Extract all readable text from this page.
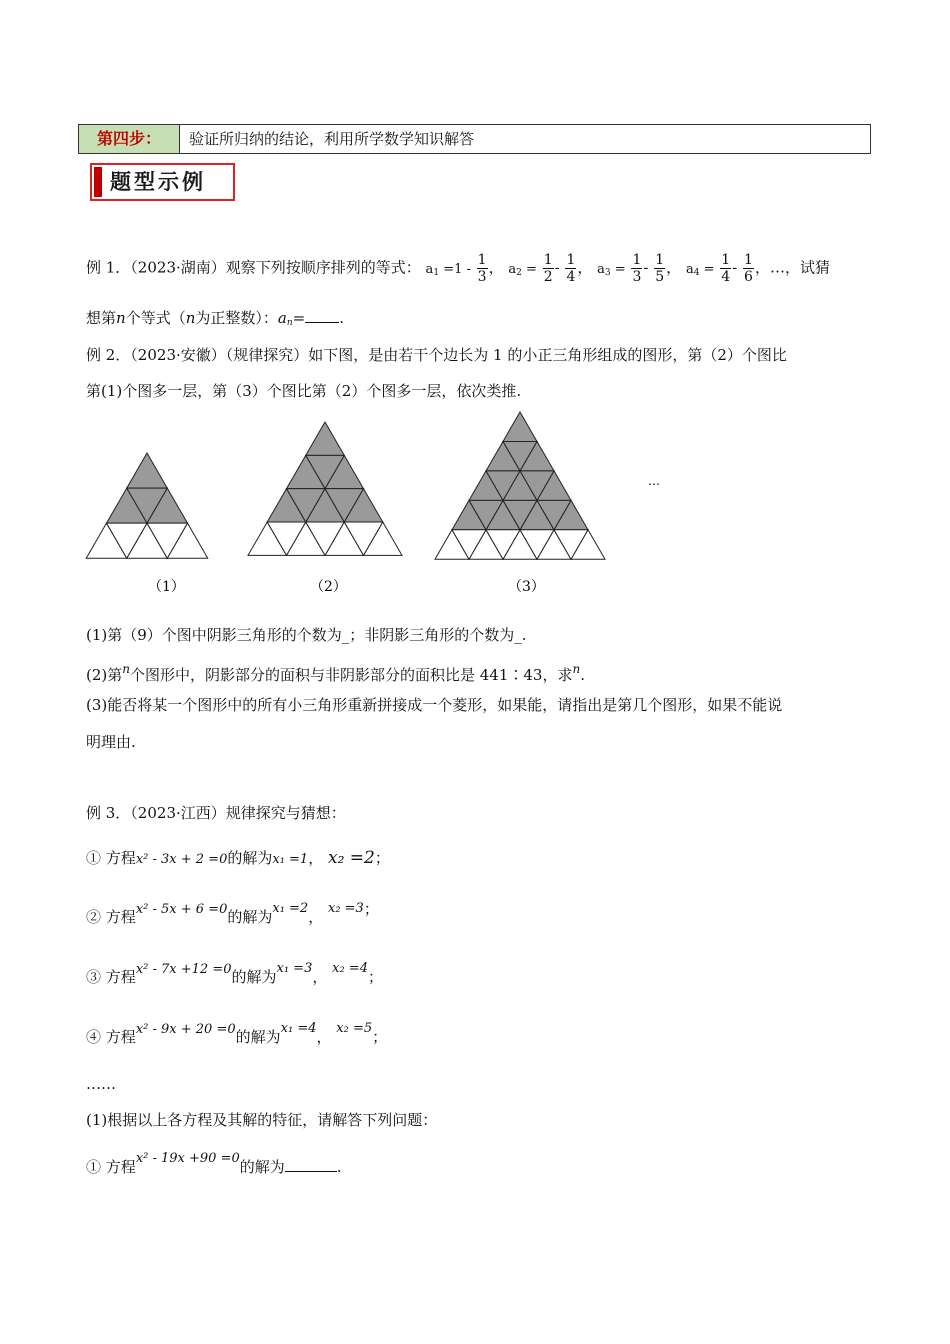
第四步：	验证所归纳的结论，利用所学数学知识解答
题型示例
例 1．（2023·湖南）观察下列按顺序排列的等式： $a_1 =1 - \frac{1}{3}$ ， $a_2 = \frac{1}{2} - \frac{1}{4}$ ， $a_3 = \frac{1}{3} - \frac{1}{5}$ ， $a_4 = \frac{1}{4} - \frac{1}{6}$ ，…，试猜
想第n个等式（n为正整数）：$a_n=$ .
例 2．（2023·安徽）（规律探究）如下图，是由若干个边长为 1 的小正三角形组成的图形，第（2）个图比
第(1)个图多一层，第（3）个图比第（2）个图多一层，依次类推.
（1）	（2）	（3）
…
(1)第（9）个图中阴影三角形的个数为_；非阴影三角形的个数为_.
(2)第$^n$个图形中，阴影部分的面积与非阴影部分的面积比是 441∶43，求$^n$.
(3)能否将某一个图形中的所有小三角形重新拼接成一个菱形，如果能，请指出是第几个图形，如果不能说
明理由.
例 3．（2023·江西）规律探究与猜想：
① 方程x² - 3x + 2 =0的解为x₁ =1， x₂ =2；
② 方程x² - 5x + 6 =0的解为x₁ =2， x₂ =3；
③ 方程x² - 7x +12 =0的解为x₁ =3， x₂ =4；
④ 方程x² - 9x + 20 =0的解为x₁ =4， x₂ =5；
……
(1)根据以上各方程及其解的特征，请解答下列问题：
① 方程x² - 19x +90 =0的解为	.
